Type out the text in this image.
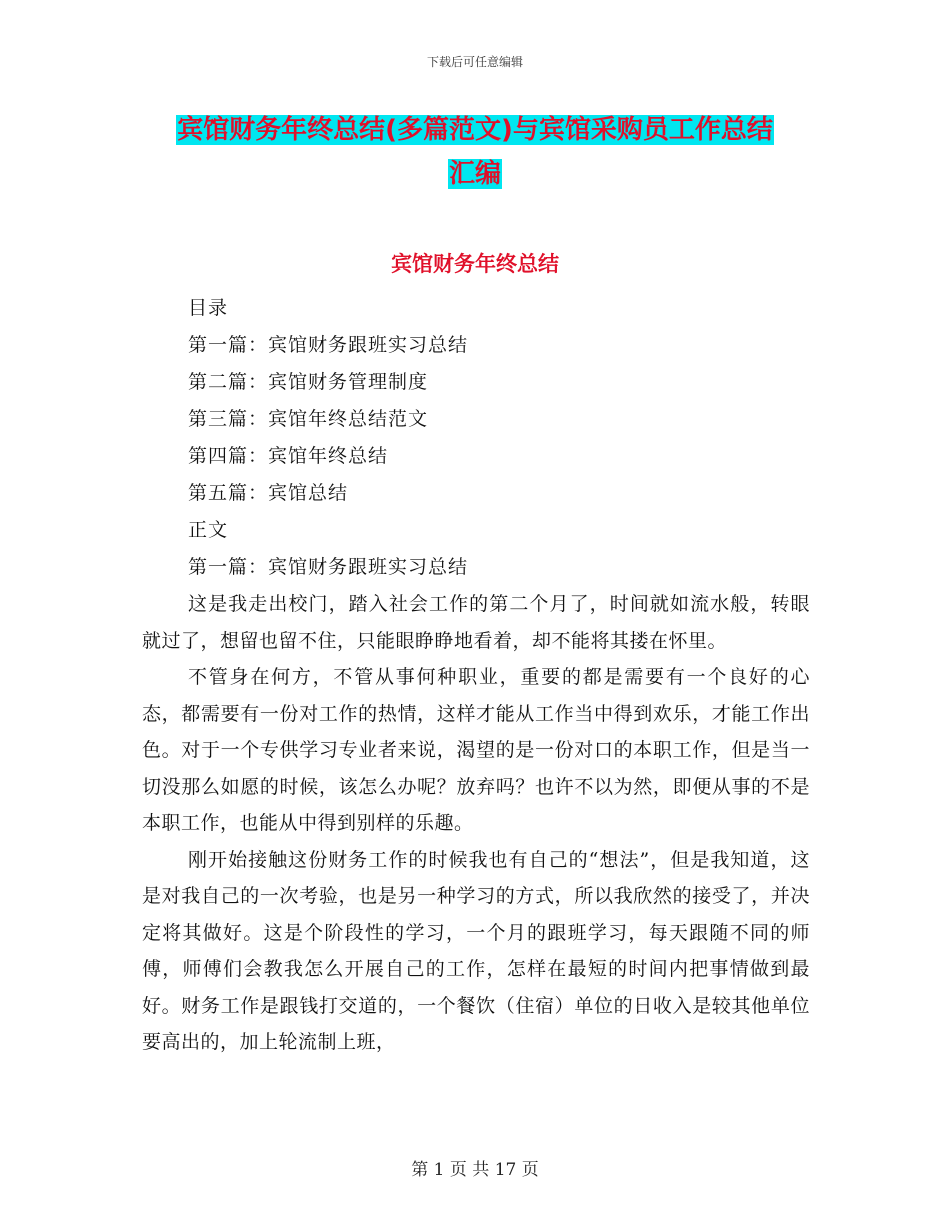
下载后可任意编辑
宾馆财务年终总结(多篇范文)与宾馆采购员工作总结
汇编
宾馆财务年终总结
目录
第一篇：宾馆财务跟班实习总结
第二篇：宾馆财务管理制度
第三篇：宾馆年终总结范文
第四篇：宾馆年终总结
第五篇：宾馆总结
正文
第一篇：宾馆财务跟班实习总结

这是我走出校门，踏入社会工作的第二个月了，时间就如流水般，转眼就过了，想留也留不住，只能眼睁睁地看着，却不能将其搂在怀里。

不管身在何方，不管从事何种职业，重要的都是需要有一个良好的心态，都需要有一份对工作的热情，这样才能从工作当中得到欢乐，才能工作出色。对于一个专供学习专业者来说，渴望的是一份对口的本职工作，但是当一切没那么如愿的时候，该怎么办呢？放弃吗？也许不以为然，即便从事的不是本职工作，也能从中得到别样的乐趣。

刚开始接触这份财务工作的时候我也有自己的“想法”，但是我知道，这是对我自己的一次考验，也是另一种学习的方式，所以我欣然的接受了，并决定将其做好。这是个阶段性的学习，一个月的跟班学习，每天跟随不同的师傅，师傅们会教我怎么开展自己的工作，怎样在最短的时间内把事情做到最好。财务工作是跟钱打交道的，一个餐饮（住宿）单位的日收入是较其他单位要高出的，加上轮流制上班，

第 1 页 共 17 页
